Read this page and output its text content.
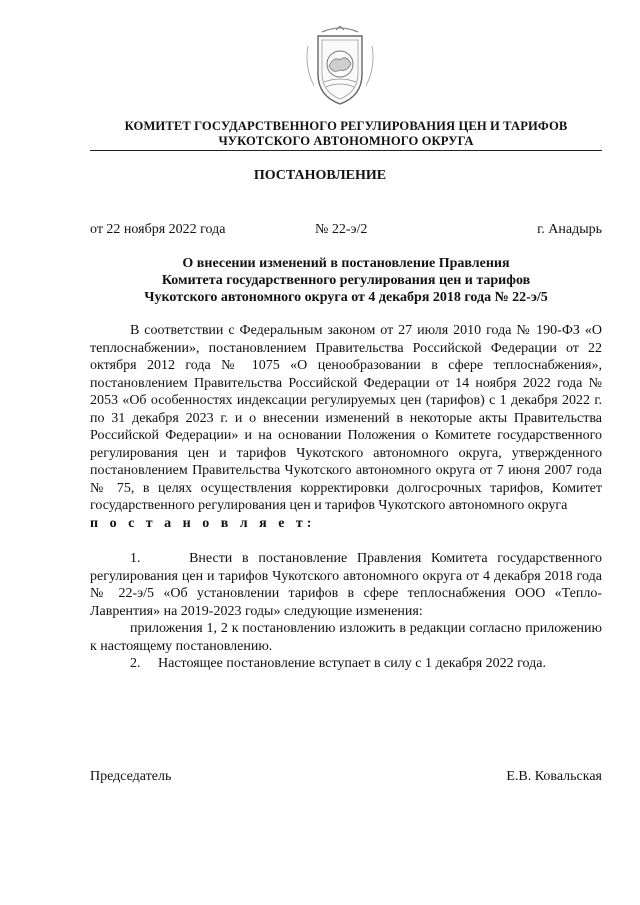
КОМИТЕТ ГОСУДАРСТВЕННОГО РЕГУЛИРОВАНИЯ ЦЕН И ТАРИФОВ
ЧУКОТСКОГО АВТОНОМНОГО ОКРУГА
ПОСТАНОВЛЕНИЕ
от 22 ноября 2022 года	№ 22-э/2	г. Анадырь
О внесении изменений в постановление Правления
Комитета государственного регулирования цен и тарифов
Чукотского автономного округа от 4 декабря 2018 года № 22-э/5

В соответствии с Федеральным законом от 27 июля 2010 года № 190-ФЗ «О теплоснабжении», постановлением Правительства Российской Федерации от 22 октября 2012 года № 1075 «О ценообразовании в сфере теплоснабжения», постановлением Правительства Российской Федерации от 14 ноября 2022 года № 2053 «Об особенностях индексации регулируемых цен (тарифов) с 1 декабря 2022 г. по 31 декабря 2023 г. и о внесении изменений в некоторые акты Правительства Российской Федерации» и на основании Положения о Комитете государственного регулирования цен и тарифов Чукотского автономного округа, утвержденного постановлением Правительства Чукотского автономного округа от 7 июня 2007 года № 75, в целях осуществления корректировки долгосрочных тарифов, Комитет государственного регулирования цен и тарифов Чукотского автономного округа

п о с т а н о в л я е т:

1.     Внести в постановление Правления Комитета государственного регулирования цен и тарифов Чукотского автономного округа от 4 декабря 2018 года № 22-э/5 «Об установлении тарифов в сфере теплоснабжения ООО «Тепло-Лаврентия» на 2019-2023 годы» следующие изменения:

приложения 1, 2 к постановлению изложить в редакции согласно приложению к настоящему постановлению.

2.     Настоящее постановление вступает в силу с 1 декабря 2022 года.

Председатель	Е.В. Ковальская
